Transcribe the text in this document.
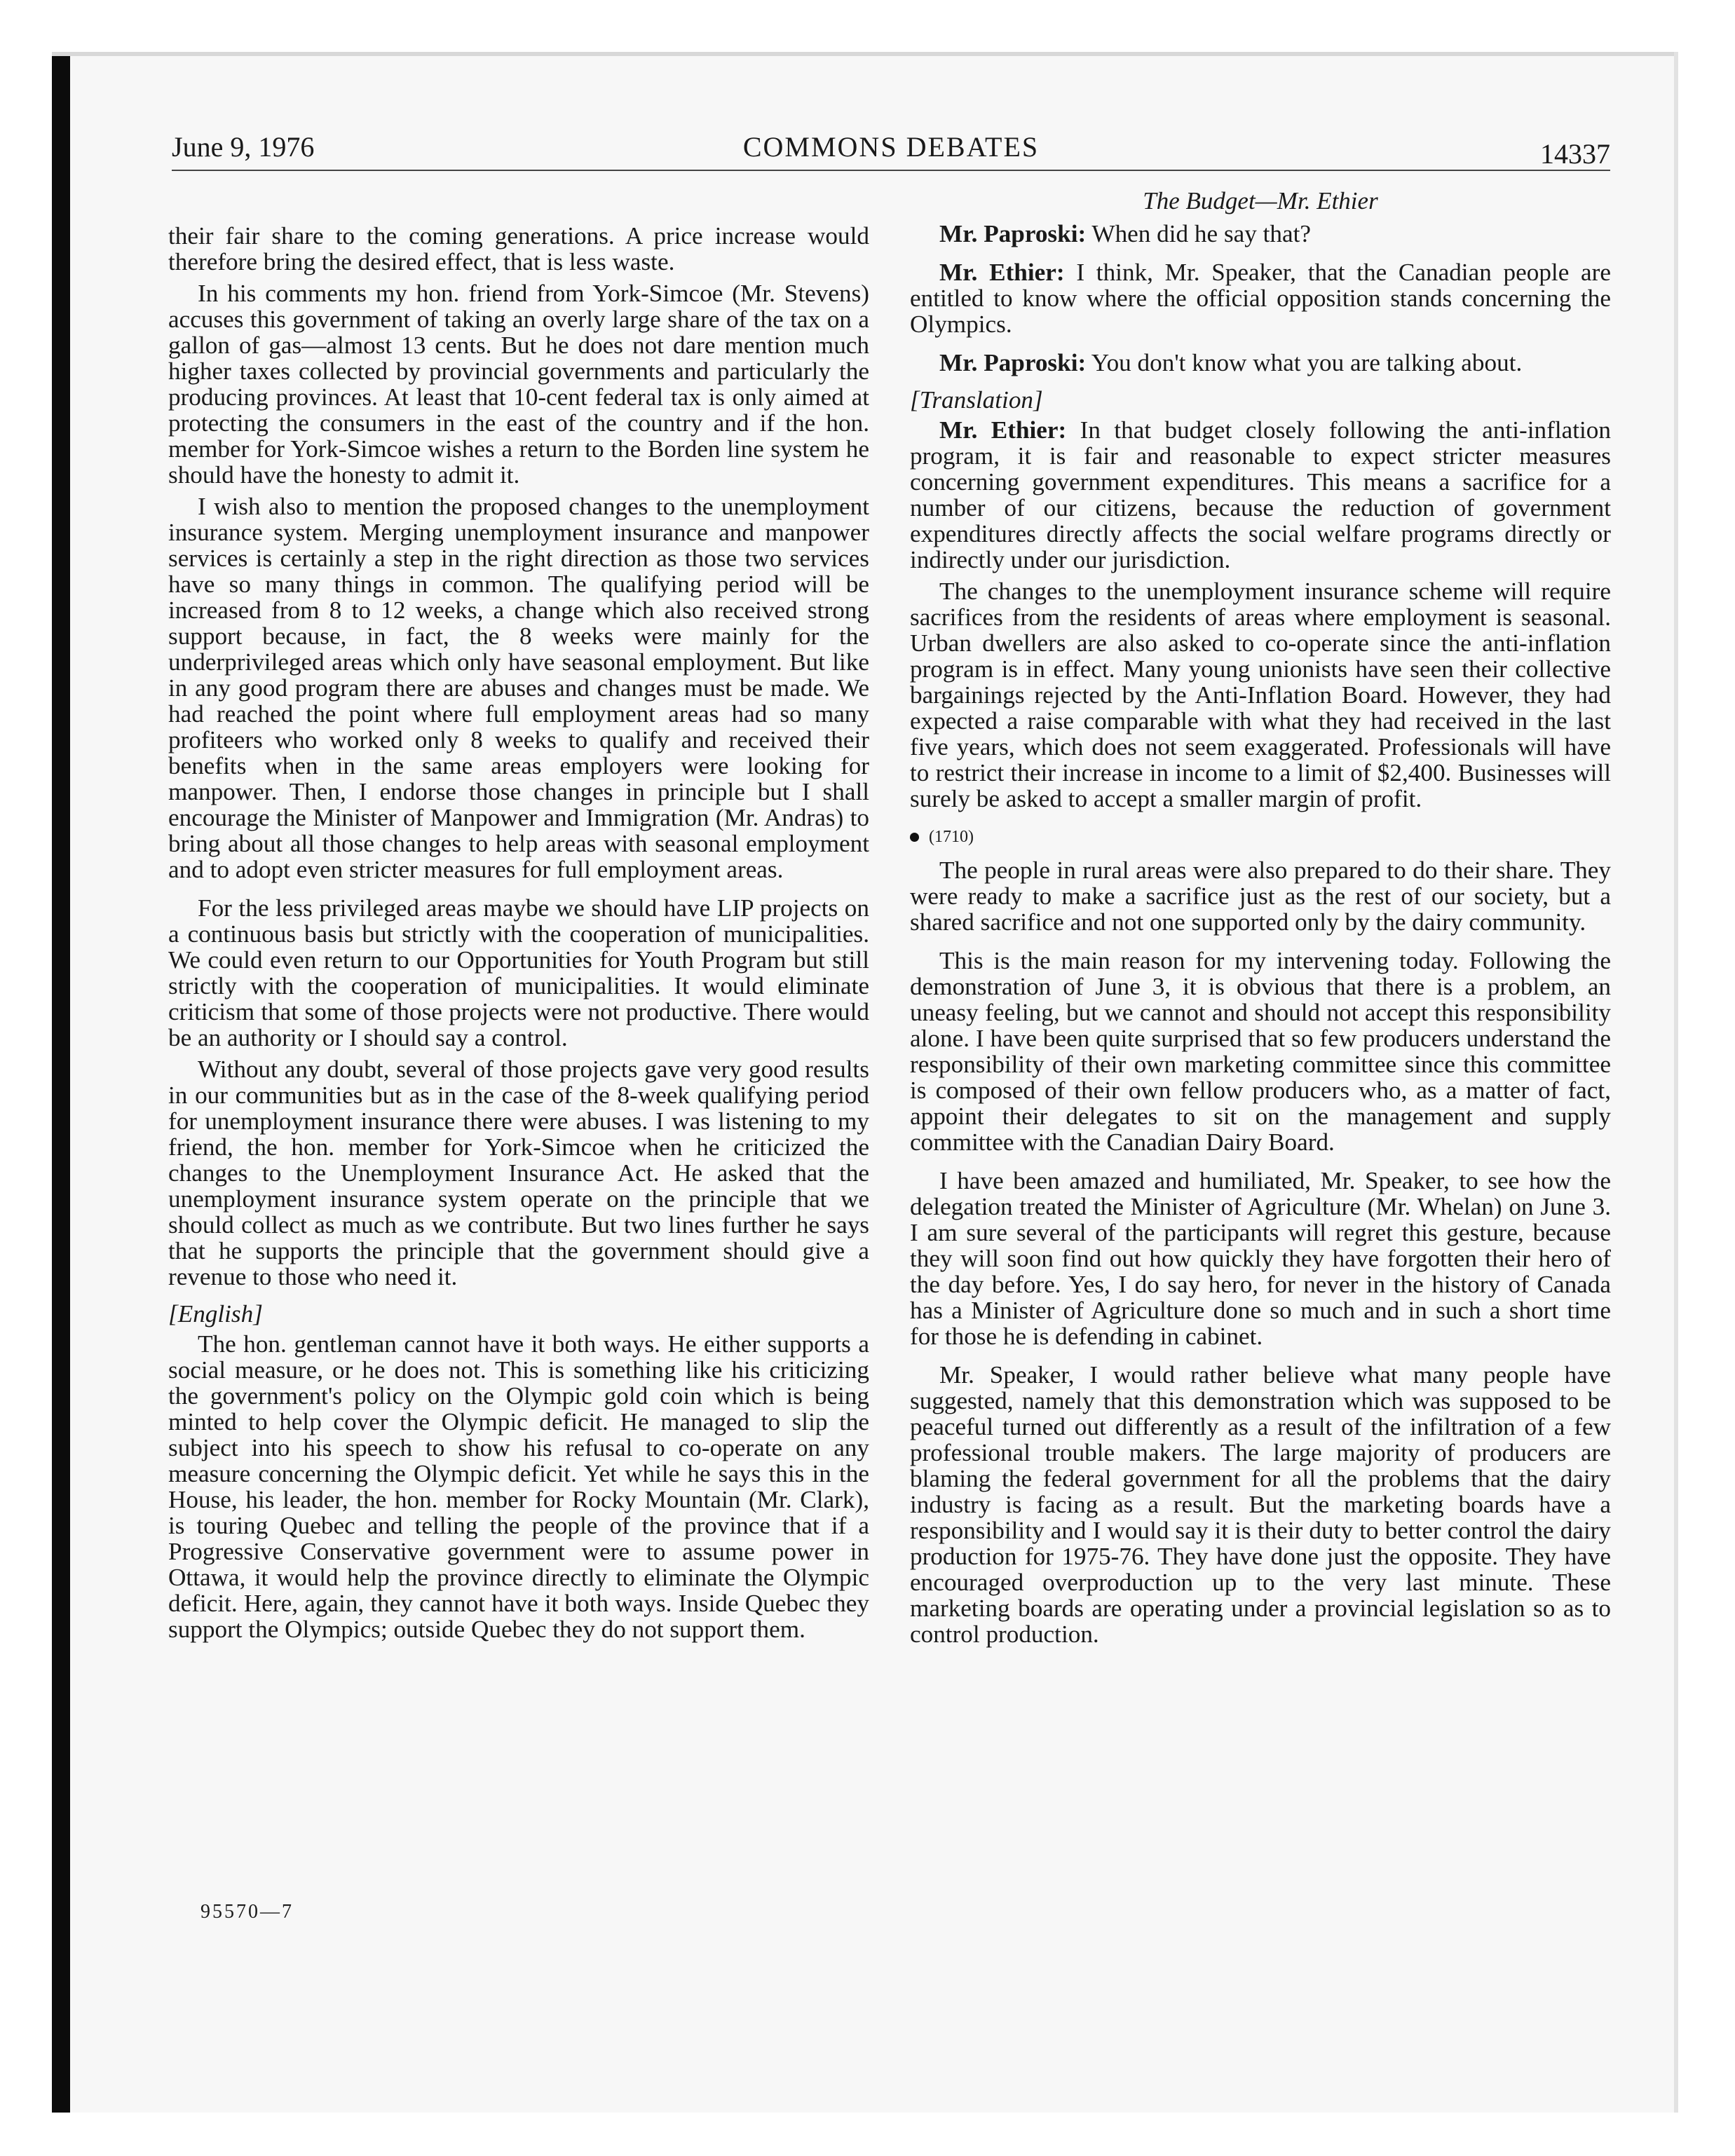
June 9, 1976	COMMONS DEBATES	14337

their fair share to the coming generations. A price increase would therefore bring the desired effect, that is less waste.

In his comments my hon. friend from York-Simcoe (Mr. Stevens) accuses this government of taking an overly large share of the tax on a gallon of gas—almost 13 cents. But he does not dare mention much higher taxes collected by provincial governments and particularly the producing provinces. At least that 10-cent federal tax is only aimed at protecting the consumers in the east of the country and if the hon. member for York-Simcoe wishes a return to the Borden line system he should have the honesty to admit it.

I wish also to mention the proposed changes to the unemployment insurance system. Merging unemployment insurance and manpower services is certainly a step in the right direction as those two services have so many things in common. The qualifying period will be increased from 8 to 12 weeks, a change which also received strong support because, in fact, the 8 weeks were mainly for the underprivileged areas which only have seasonal employment. But like in any good program there are abuses and changes must be made. We had reached the point where full employment areas had so many profiteers who worked only 8 weeks to qualify and received their benefits when in the same areas employers were looking for manpower. Then, I endorse those changes in principle but I shall encourage the Minister of Manpower and Immigration (Mr. Andras) to bring about all those changes to help areas with seasonal employment and to adopt even stricter measures for full employment areas.

For the less privileged areas maybe we should have LIP projects on a continuous basis but strictly with the cooperation of municipalities. We could even return to our Opportunities for Youth Program but still strictly with the cooperation of municipalities. It would eliminate criticism that some of those projects were not productive. There would be an authority or I should say a control.

Without any doubt, several of those projects gave very good results in our communities but as in the case of the 8-week qualifying period for unemployment insurance there were abuses. I was listening to my friend, the hon. member for York-Simcoe when he criticized the changes to the Unemployment Insurance Act. He asked that the unemployment insurance system operate on the principle that we should collect as much as we contribute. But two lines further he says that he supports the principle that the government should give a revenue to those who need it.

[English]

The hon. gentleman cannot have it both ways. He either supports a social measure, or he does not. This is something like his criticizing the government's policy on the Olympic gold coin which is being minted to help cover the Olympic deficit. He managed to slip the subject into his speech to show his refusal to co-operate on any measure concerning the Olympic deficit. Yet while he says this in the House, his leader, the hon. member for Rocky Mountain (Mr. Clark), is touring Quebec and telling the people of the province that if a Progressive Conservative government were to assume power in Ottawa, it would help the province directly to eliminate the Olympic deficit. Here, again, they cannot have it both ways. Inside Quebec they support the Olympics; outside Quebec they do not support them.

The Budget—Mr. Ethier

Mr. Paproski: When did he say that?

Mr. Ethier: I think, Mr. Speaker, that the Canadian people are entitled to know where the official opposition stands concerning the Olympics.

Mr. Paproski: You don't know what you are talking about.

[Translation]

Mr. Ethier: In that budget closely following the anti-inflation program, it is fair and reasonable to expect stricter measures concerning government expenditures. This means a sacrifice for a number of our citizens, because the reduction of government expenditures directly affects the social welfare programs directly or indirectly under our jurisdiction.

The changes to the unemployment insurance scheme will require sacrifices from the residents of areas where employment is seasonal. Urban dwellers are also asked to co-operate since the anti-inflation program is in effect. Many young unionists have seen their collective bargainings rejected by the Anti-Inflation Board. However, they had expected a raise comparable with what they had received in the last five years, which does not seem exaggerated. Professionals will have to restrict their increase in income to a limit of $2,400. Businesses will surely be asked to accept a smaller margin of profit.

(1710)

The people in rural areas were also prepared to do their share. They were ready to make a sacrifice just as the rest of our society, but a shared sacrifice and not one supported only by the dairy community.

This is the main reason for my intervening today. Following the demonstration of June 3, it is obvious that there is a problem, an uneasy feeling, but we cannot and should not accept this responsibility alone. I have been quite surprised that so few producers understand the responsibility of their own marketing committee since this committee is composed of their own fellow producers who, as a matter of fact, appoint their delegates to sit on the management and supply committee with the Canadian Dairy Board.

I have been amazed and humiliated, Mr. Speaker, to see how the delegation treated the Minister of Agriculture (Mr. Whelan) on June 3. I am sure several of the participants will regret this gesture, because they will soon find out how quickly they have forgotten their hero of the day before. Yes, I do say hero, for never in the history of Canada has a Minister of Agriculture done so much and in such a short time for those he is defending in cabinet.

Mr. Speaker, I would rather believe what many people have suggested, namely that this demonstration which was supposed to be peaceful turned out differently as a result of the infiltration of a few professional trouble makers. The large majority of producers are blaming the federal government for all the problems that the dairy industry is facing as a result. But the marketing boards have a responsibility and I would say it is their duty to better control the dairy production for 1975-76. They have done just the opposite. They have encouraged overproduction up to the very last minute. These marketing boards are operating under a provincial legislation so as to control production.

95570—7
